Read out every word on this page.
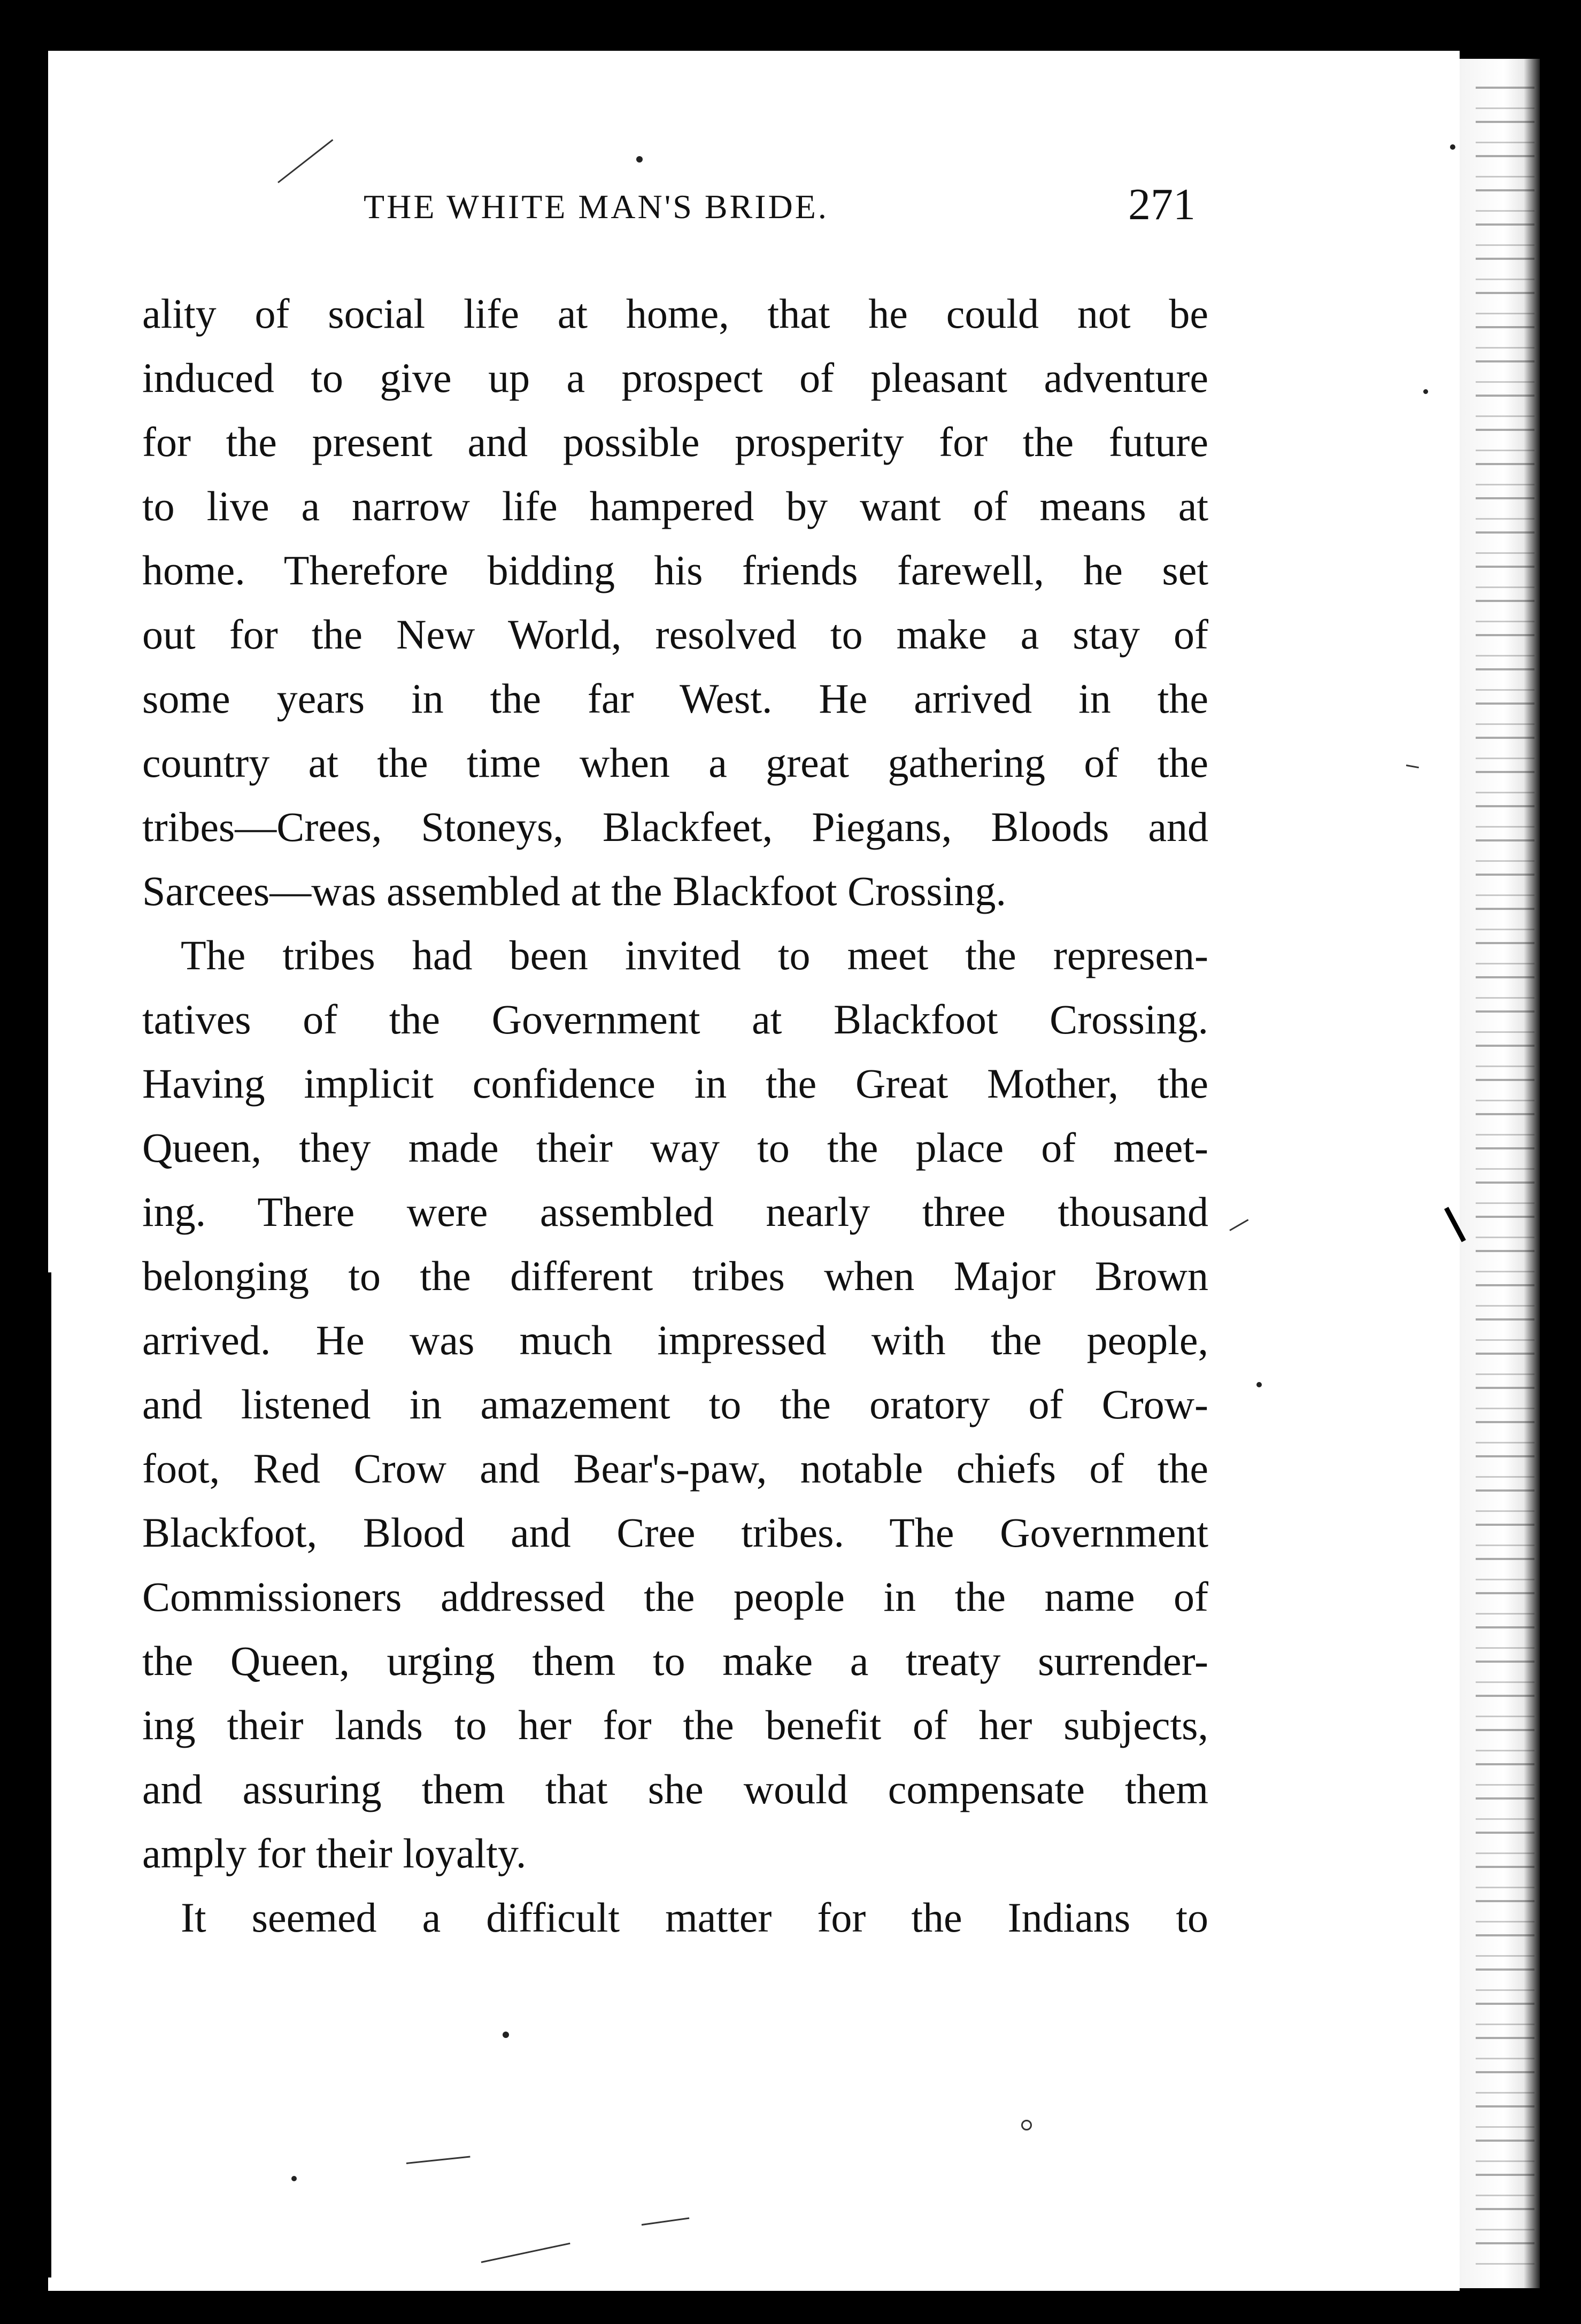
THE WHITE MAN'S BRIDE.	271
ality of social life at home, that he could not be
induced to give up a prospect of pleasant adventure
for the present and possible prosperity for the future
to live a narrow life hampered by want of means at
home. Therefore bidding his friends farewell, he set
out for the New World, resolved to make a stay of
some years in the far West. He arrived in the
country at the time when a great gathering of the
tribes—Crees, Stoneys, Blackfeet, Piegans, Bloods and
Sarcees—was assembled at the Blackfoot Crossing.
The tribes had been invited to meet the represen-
tatives of the Government at Blackfoot Crossing.
Having implicit confidence in the Great Mother, the
Queen, they made their way to the place of meet-
ing. There were assembled nearly three thousand
belonging to the different tribes when Major Brown
arrived. He was much impressed with the people,
and listened in amazement to the oratory of Crow-
foot, Red Crow and Bear's-paw, notable chiefs of the
Blackfoot, Blood and Cree tribes. The Government
Commissioners addressed the people in the name of
the Queen, urging them to make a treaty surrender-
ing their lands to her for the benefit of her subjects,
and assuring them that she would compensate them
amply for their loyalty.
It seemed a difficult matter for the Indians to
